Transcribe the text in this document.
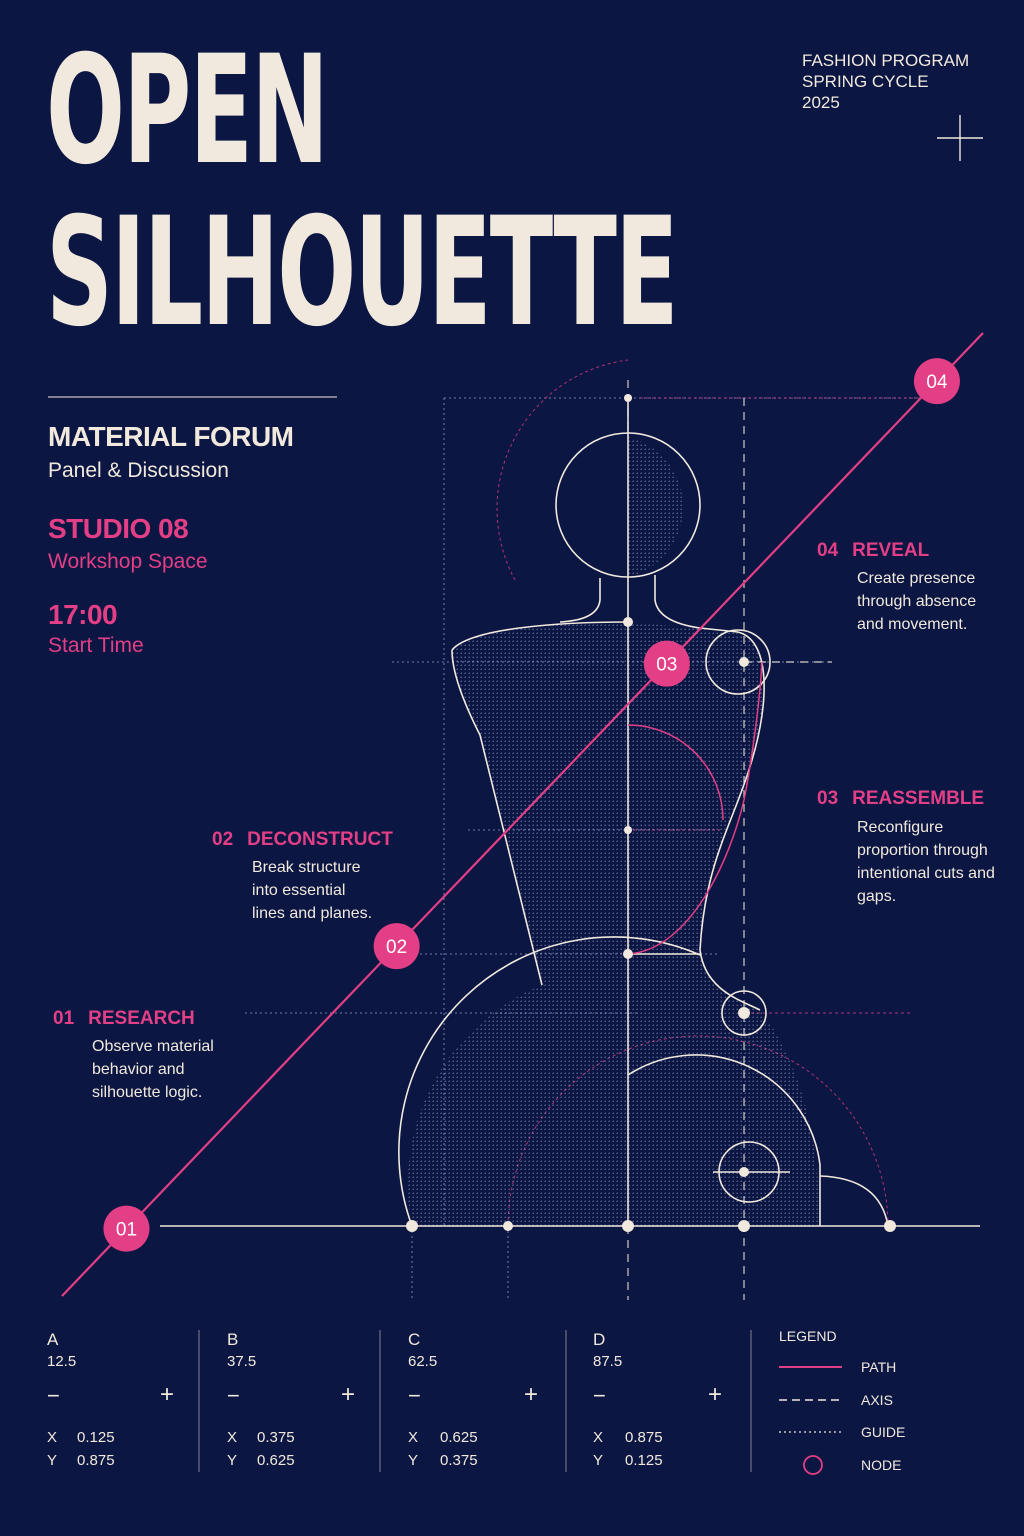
01
02
03
04
OPEN
SILHOUETTE
FASHION PROGRAM
SPRING CYCLE
2025
MATERIAL FORUM
Panel & Discussion
STUDIO 08
Workshop Space
17:00
Start Time
01 RESEARCH
Observe material behavior and silhouette logic.
02 DECONSTRUCT
Break structure into essential lines and planes.
03 REASSEMBLE
Reconfigure proportion through intentional cuts and gaps.
04 REVEAL
Create presence through absence and movement.
A
12.5
−	+
X 0.125
Y 0.875
B
37.5
−	+
X 0.375
Y 0.625
C
62.5
−	+
X 0.625
Y 0.375
D
87.5
−	+
X 0.875
Y 0.125
LEGEND
PATH
AXIS
GUIDE
NODE
